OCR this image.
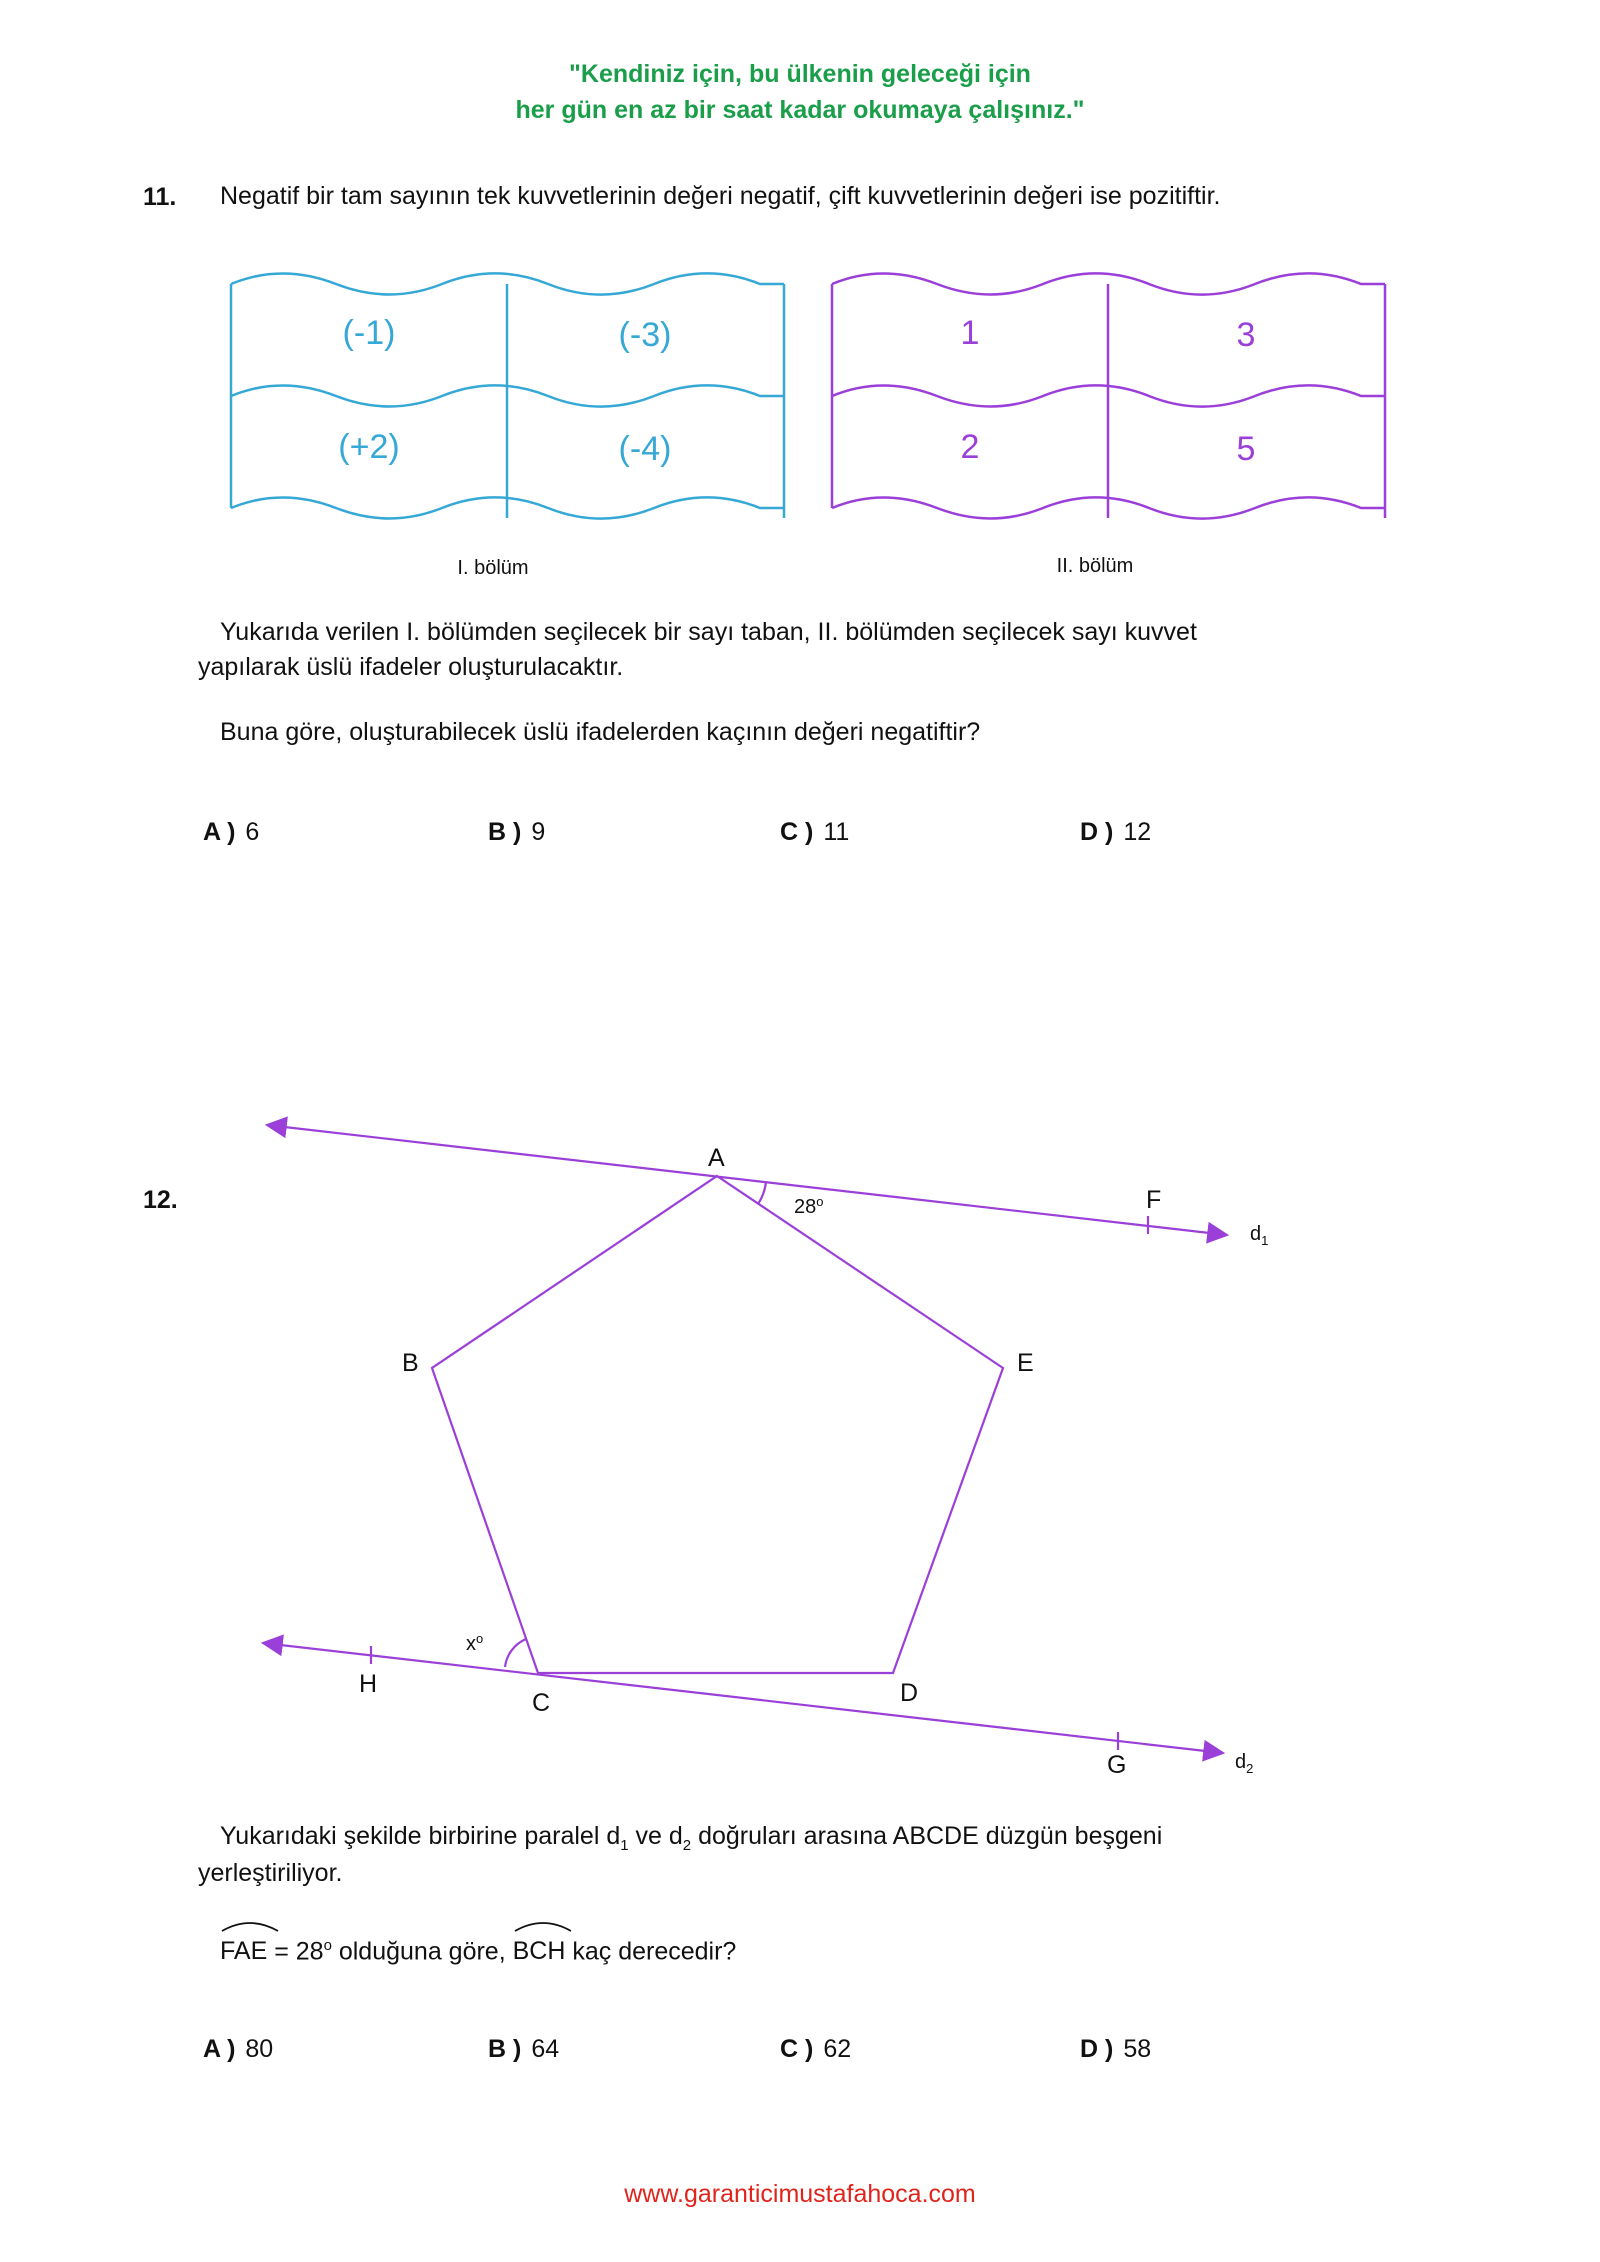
"Kendiniz için, bu ülkenin geleceği için
her gün en az bir saat kadar okumaya çalışınız."
11. Negatif bir tam sayının tek kuvvetlerinin değeri negatif, çift kuvvetlerinin değeri ise pozitiftir.
(-1)	(-3)
(+2)	(-4)
I. bölüm
1	3
2	5
II. bölüm
Yukarıda verilen I. bölümden seçilecek bir sayı taban, II. bölümden seçilecek sayı kuvvet
yapılarak üslü ifadeler oluşturulacaktır.
Buna göre, oluşturabilecek üslü ifadelerden kaçının değeri negatiftir?
A ) 6	B ) 9	C ) 11	D ) 12
12.
A
B
C	D
E
F
G
H
$d_1$
$d_2$
28$^o$
$x^o$
Yukarıdaki şekilde birbirine paralel $d_1$ ve $d_2$ doğruları arasına ABCDE düzgün beşgeni
yerleştiriliyor.
FAE = $28^o$ olduğuna göre,
BCH kaç derecedir?
A ) 80	B ) 64	C ) 62	D ) 58
www.garanticimustafahoca.com
